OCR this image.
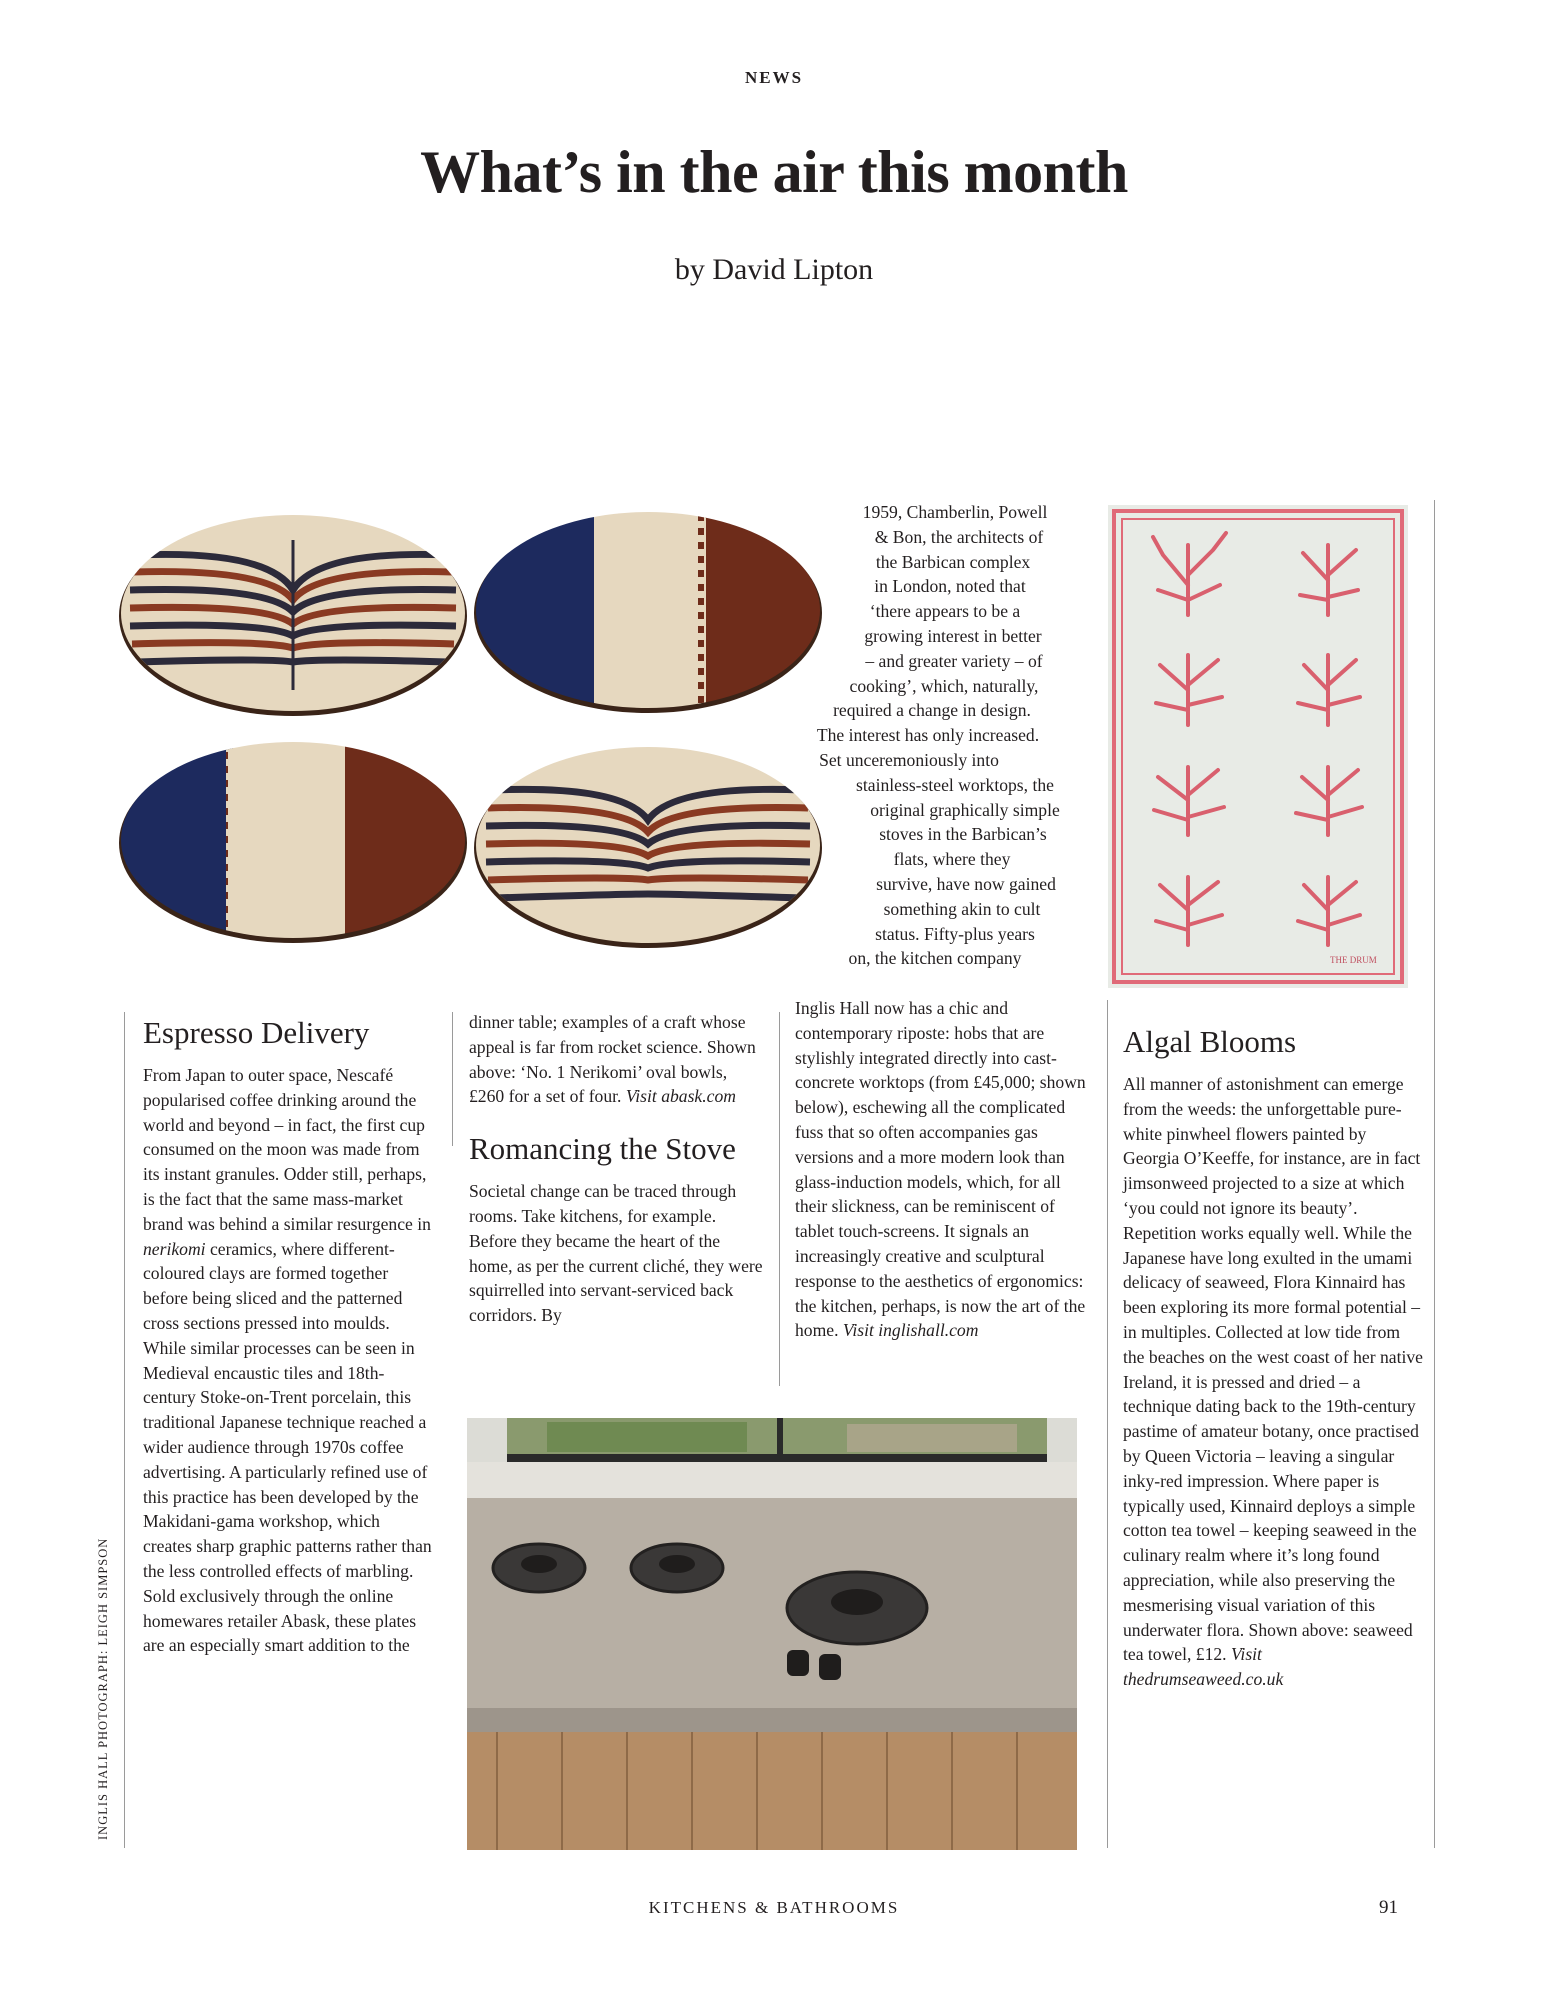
NEWS
What’s in the air this month
by David Lipton
Espresso Delivery

From Japan to outer space, Nescafé popularised coffee drinking around the world and beyond – in fact, the first cup consumed on the moon was made from its instant granules. Odder still, perhaps, is the fact that the same mass-market brand was behind a similar resurgence in nerikomi ceramics, where different-coloured clays are formed together before being sliced and the patterned cross sections pressed into moulds. While similar processes can be seen in Medieval encaustic tiles and 18th-century Stoke-on-Trent porcelain, this traditional Japanese technique reached a wider audience through 1970s coffee advertising. A particularly refined use of this practice has been developed by the Makidani-gama workshop, which creates sharp graphic patterns rather than the less controlled effects of marbling. Sold exclusively through the online homewares retailer Abask, these plates are an especially smart addition to the

dinner table; examples of a craft whose appeal is far from rocket science. Shown above: ‘No. 1 Nerikomi’ oval bowls, £260 for a set of four. Visit abask.com

Romancing the Stove

Societal change can be traced through rooms. Take kitchens, for example. Before they became the heart of the home, as per the current cliché, they were squirrelled into servant-serviced back corridors. By

1959, Chamberlin, Powell
& Bon, the architects of
the Barbican complex
in London, noted that
‘there appears to be a
growing interest in better
– and greater variety – of
cooking’, which, naturally,
required a change in design.
The interest has only increased.
Set unceremoniously into
stainless-steel worktops, the
original graphically simple
stoves in the Barbican’s
flats, where they
survive, have now gained
something akin to cult
status. Fifty-plus years
on, the kitchen company

Inglis Hall now has a chic and contemporary riposte: hobs that are stylishly integrated directly into cast-concrete worktops (from £45,000; shown below), eschewing all the complicated fuss that so often accompanies gas versions and a more modern look than glass-induction models, which, for all their slickness, can be reminiscent of tablet touch-screens. It signals an increasingly creative and sculptural response to the aesthetics of ergonomics: the kitchen, perhaps, is now the art of the home. Visit inglishall.com

THE DRUM
Algal Blooms

All manner of astonishment can emerge from the weeds: the unforgettable pure-white pinwheel flowers painted by Georgia O’Keeffe, for instance, are in fact jimsonweed projected to a size at which ‘you could not ignore its beauty’. Repetition works equally well. While the Japanese have long exulted in the umami delicacy of seaweed, Flora Kinnaird has been exploring its more formal potential – in multiples. Collected at low tide from the beaches on the west coast of her native Ireland, it is pressed and dried – a technique dating back to the 19th-century pastime of amateur botany, once practised by Queen Victoria – leaving a singular inky-red impression. Where paper is typically used, Kinnaird deploys a simple cotton tea towel – keeping seaweed in the culinary realm where it’s long found appreciation, while also preserving the mesmerising visual variation of this underwater flora. Shown above: seaweed tea towel, £12. Visit thedrumseaweed.co.uk

INGLIS HALL PHOTOGRAPH: LEIGH SIMPSON
KITCHENS & BATHROOMS	91
